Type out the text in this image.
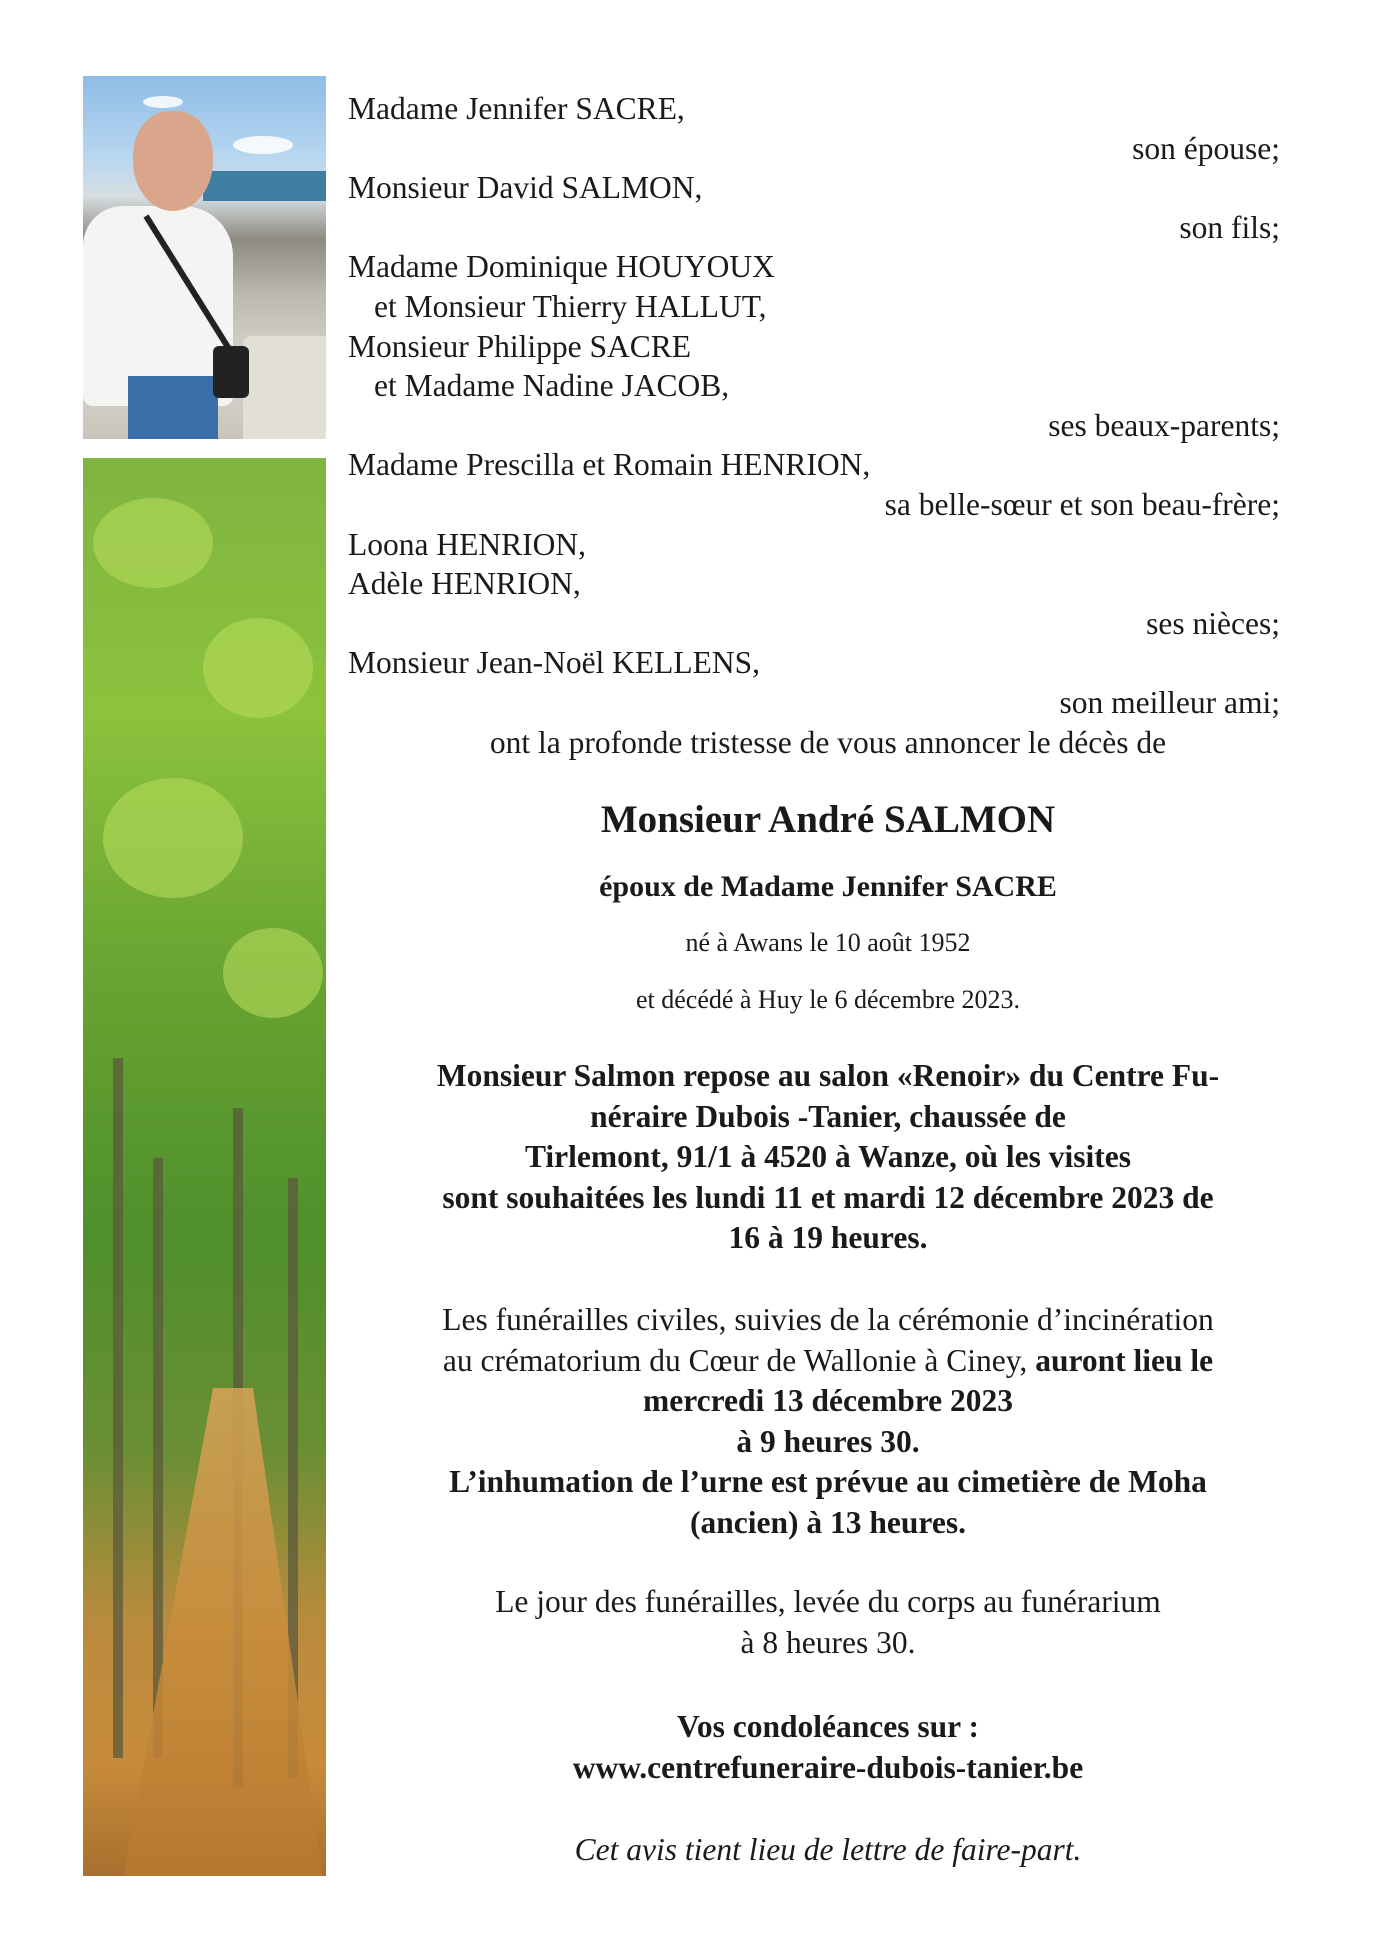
Madame Jennifer SACRE,
son épouse;
Monsieur David SALMON,
son fils;
Madame Dominique HOUYOUX
et Monsieur Thierry HALLUT,
Monsieur Philippe SACRE
et Madame Nadine JACOB,
ses beaux-parents;
Madame Prescilla et Romain HENRION,
sa belle-sœur et son beau-frère;
Loona HENRION,
Adèle HENRION,
ses nièces;
Monsieur Jean-Noël KELLENS,
son meilleur ami;
ont la profonde tristesse de vous annoncer le décès de
Monsieur André SALMON
époux de Madame Jennifer SACRE
né à Awans le 10 août 1952
et décédé à Huy le 6 décembre 2023.
Monsieur Salmon repose au salon «Renoir» du Centre Fu-
néraire Dubois -Tanier, chaussée de
Tirlemont, 91/1 à 4520 à Wanze, où les visites
sont souhaitées les lundi 11 et mardi 12 décembre 2023 de
16 à 19 heures.
Les funérailles civiles, suivies de la cérémonie d’incinération
au crématorium du Cœur de Wallonie à Ciney, auront lieu le
mercredi 13 décembre 2023
à 9 heures 30.
L’inhumation de l’urne est prévue au cimetière de Moha
(ancien) à 13 heures.
Le jour des funérailles, levée du corps au funérarium
à 8 heures 30.
Vos condoléances sur :
www.centrefuneraire-dubois-tanier.be
Cet avis tient lieu de lettre de faire-part.
